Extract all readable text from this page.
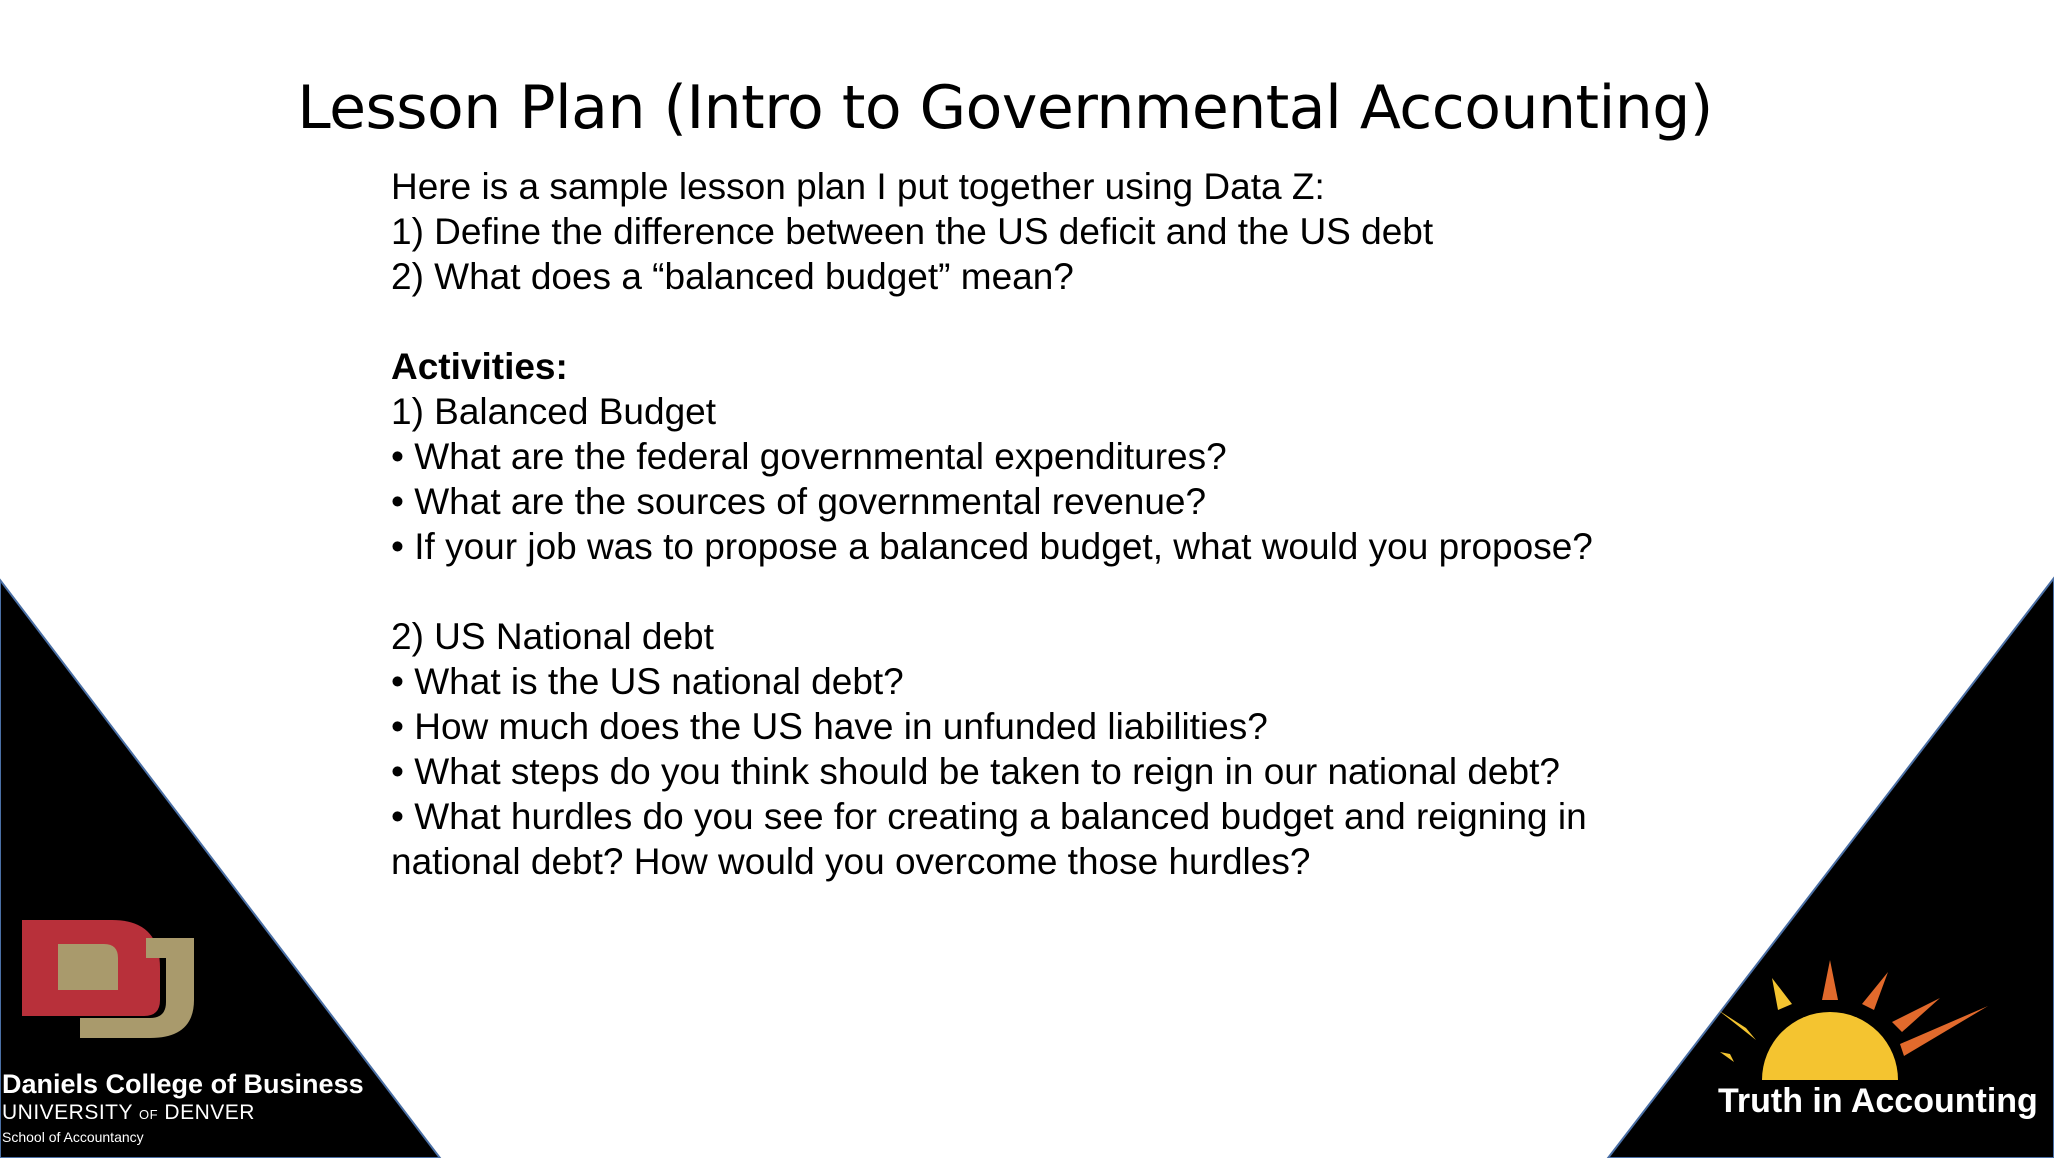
Lesson Plan (Intro to Governmental Accounting)
Here is a sample lesson plan I put together using Data Z:
1) Define the difference between the US deficit and the US debt
2) What does a “balanced budget” mean?
Activities:
1) Balanced Budget
• What are the federal governmental expenditures?
• What are the sources of governmental revenue?
• If your job was to propose a balanced budget, what would you propose?
2) US National debt
• What is the US national debt?
• How much does the US have in unfunded liabilities?
• What steps do you think should be taken to reign in our national debt?
• What hurdles do you see for creating a balanced budget and reigning in national debt? How would you overcome those hurdles?
Daniels College of Business
UNIVERSITY OF DENVER
School of Accountancy
Truth in Accounting
